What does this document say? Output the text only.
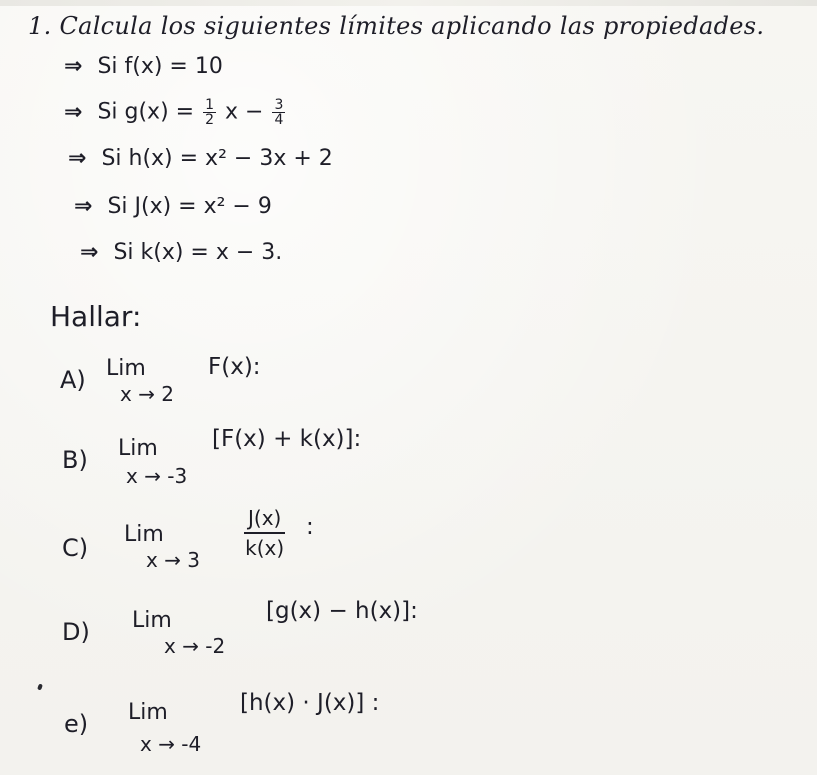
1. Calcula los siguientes límites aplicando las propiedades.
⇒ Si f(x) = 10
⇒ Si $g(x) = \frac{1}{2}$ $x - \frac{3}{4}$
⇒ Si h(x) = x² − 3x + 2
⇒ Si J(x) = x² − 9
⇒ Si k(x) = x − 3.
Hallar:
A) Lim
x → 2
F(x):
B) Lim
x → -3
[F(x) + k(x)]:
C) Lim
$x \to 3 \frac{J(x)}{k(x)}$ :
D) Lim
x → -2
[g(x) − h(x)]:
e) Lim
x → -4
[h(x) · J(x)] :
